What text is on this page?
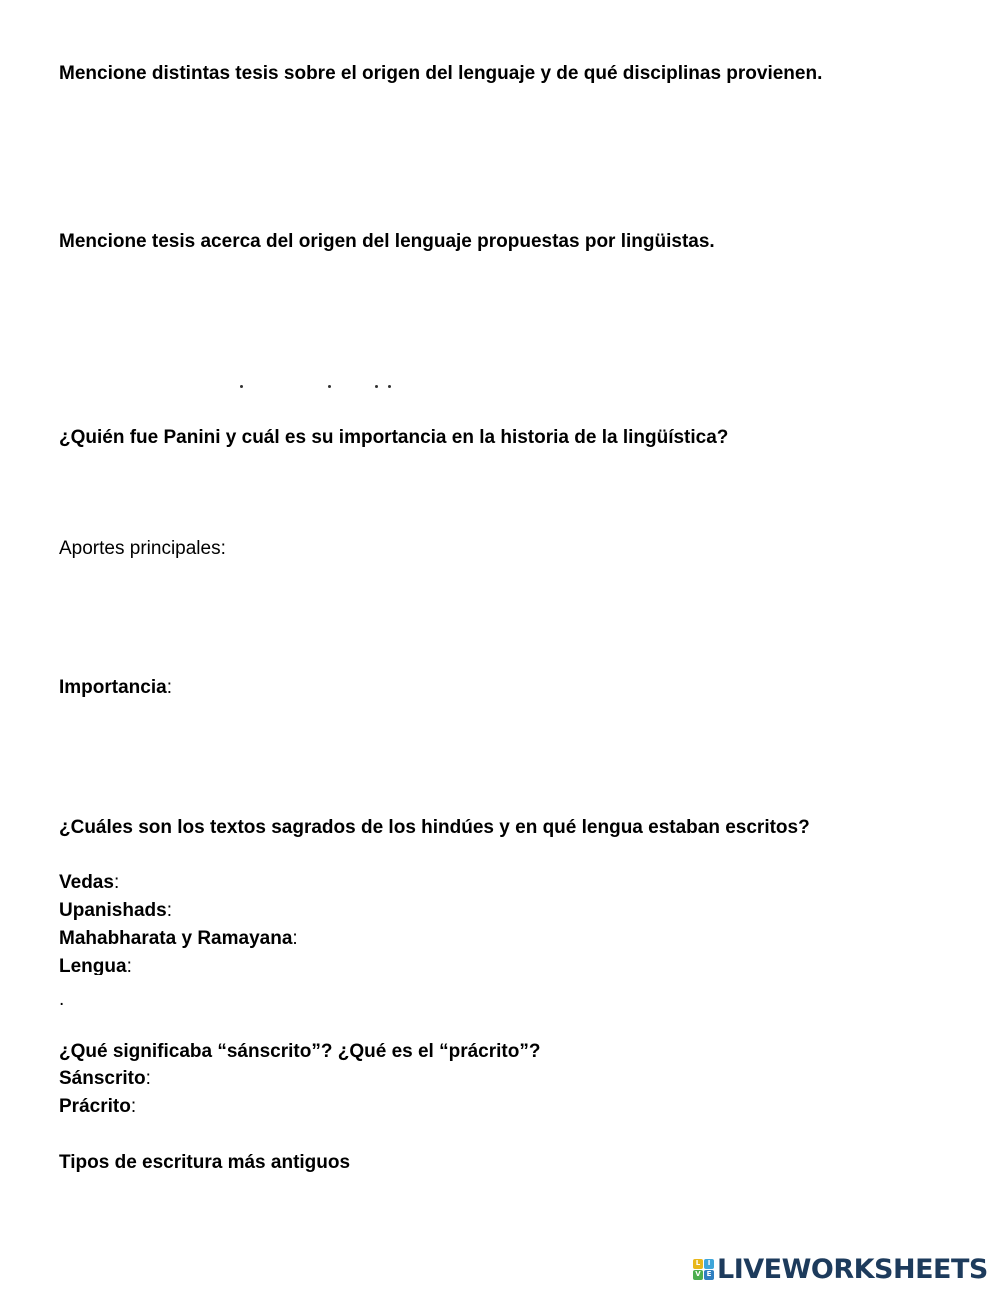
Mencione distintas tesis sobre el origen del lenguaje y de qué disciplinas provienen.
Mencione tesis acerca del origen del lenguaje propuestas por lingüistas.
¿Quién fue Panini y cuál es su importancia en la historia de la lingüística?
Aportes principales:
Importancia:
¿Cuáles son los textos sagrados de los hindúes y en qué lengua estaban escritos?
Vedas:
Upanishads:
Mahabharata y Ramayana:
Lengua:
.
¿Qué significaba “sánscrito”? ¿Qué es el “prácrito”?
Sánscrito:
Prácrito:
Tipos de escritura más antiguos
L	I
V E LIVEWORKSHEETS
